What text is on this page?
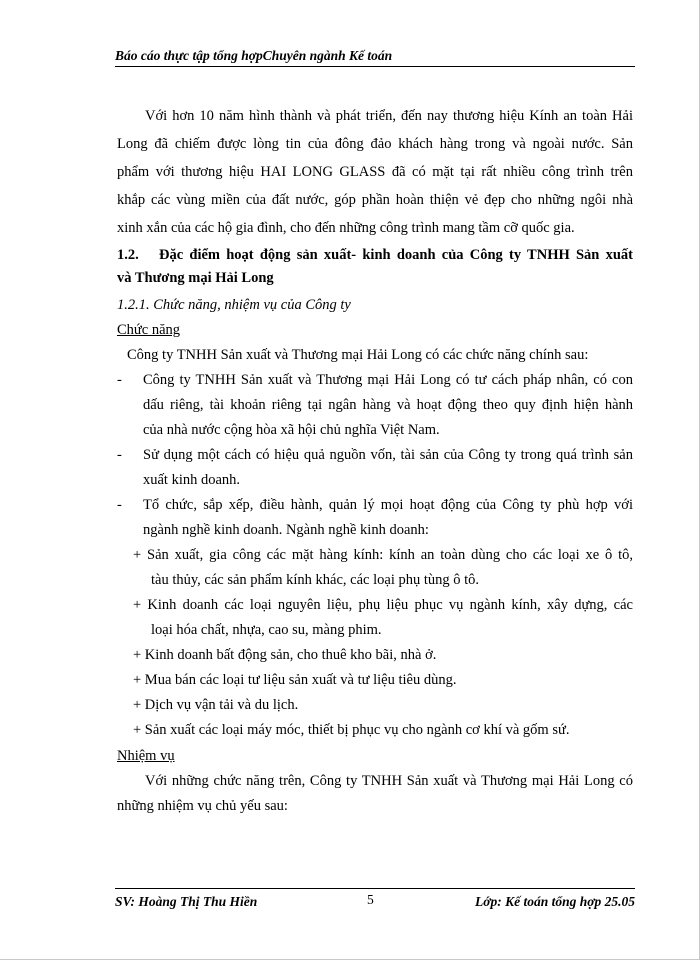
Báo cáo thực tập tổng hợpChuyên ngành Kế toán
Với hơn 10 năm hình thành và phát triển, đến nay thương hiệu Kính an toàn Hải
Long đã chiếm được lòng tin của đông đảo khách hàng trong và ngoài nước. Sản
phẩm với thương hiệu HAI LONG GLASS đã có mặt tại rất nhiều công trình trên
khắp các vùng miền của đất nước, góp phần hoàn thiện vẻ đẹp cho những ngôi nhà
xinh xắn của các hộ gia đình, cho đến những công trình mang tầm cỡ quốc gia.
1.2. Đặc điểm hoạt động sản xuất- kinh doanh của Công ty TNHH Sản xuất
và Thương mại Hải Long
1.2.1. Chức năng, nhiệm vụ của Công ty
Chức năng
Công ty TNHH Sản xuất và Thương mại Hải Long có các chức năng chính sau:
- Công ty TNHH Sản xuất và Thương mại Hải Long có tư cách pháp nhân, có con
dấu riêng, tài khoản riêng tại ngân hàng và hoạt động theo quy định hiện hành
của nhà nước cộng hòa xã hội chủ nghĩa Việt Nam.
- Sử dụng một cách có hiệu quả nguồn vốn, tài sản của Công ty trong quá trình sản
xuất kinh doanh.
- Tổ chức, sắp xếp, điều hành, quản lý mọi hoạt động của Công ty phù hợp với
ngành nghề kinh doanh. Ngành nghề kinh doanh:
+ Sản xuất, gia công các mặt hàng kính: kính an toàn dùng cho các loại xe ô tô,
tàu thủy, các sản phẩm kính khác, các loại phụ tùng ô tô.
+ Kinh doanh các loại nguyên liệu, phụ liệu phục vụ ngành kính, xây dựng, các
loại hóa chất, nhựa, cao su, màng phim.
+ Kinh doanh bất động sản, cho thuê kho bãi, nhà ở.
+ Mua bán các loại tư liệu sản xuất và tư liệu tiêu dùng.
+ Dịch vụ vận tải và du lịch.
+ Sản xuất các loại máy móc, thiết bị phục vụ cho ngành cơ khí và gốm sứ.
Nhiệm vụ
Với những chức năng trên, Công ty TNHH Sản xuất và Thương mại Hải Long có
những nhiệm vụ chủ yếu sau:
SV: Hoàng Thị Thu Hiền	5	Lớp: Kế toán tổng hợp 25.05
